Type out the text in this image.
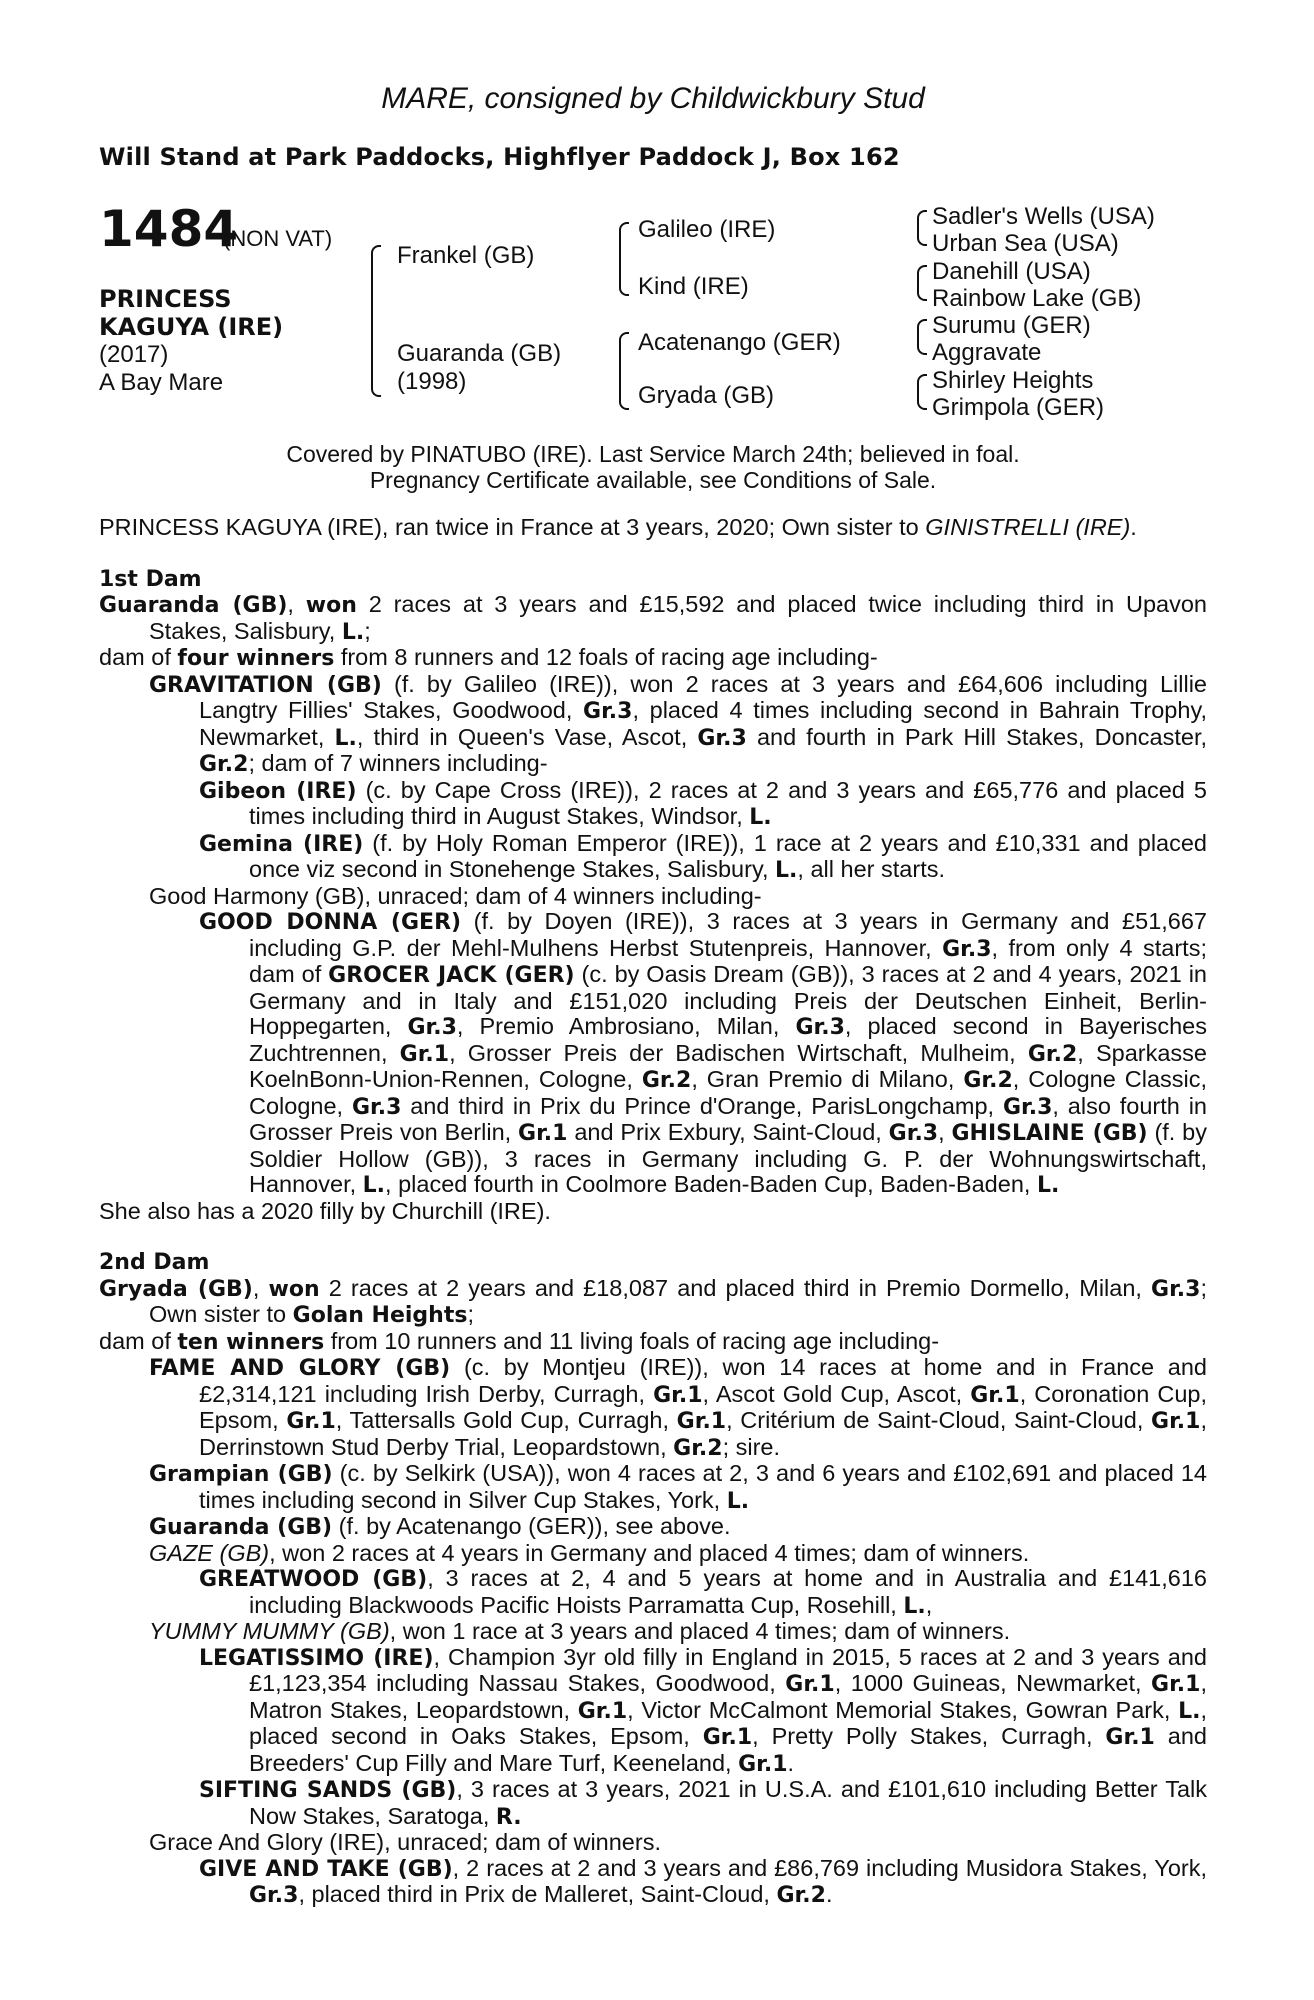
MARE, consigned by Childwickbury Stud
Will Stand at Park Paddocks, Highflyer Paddock J, Box 162
1484
(NON VAT)
PRINCESS
KAGUYA (IRE)
(2017)
A Bay Mare
Frankel (GB)
Guaranda (GB)
(1998)
Galileo (IRE)
Kind (IRE)
Acatenango (GER)
Gryada (GB)
Sadler's Wells (USA)
Urban Sea (USA)
Danehill (USA)
Rainbow Lake (GB)
Surumu (GER)
Aggravate
Shirley Heights
Grimpola (GER)
Covered by PINATUBO (IRE). Last Service March 24th; believed in foal.
Pregnancy Certificate available, see Conditions of Sale.

PRINCESS KAGUYA (IRE), ran twice in France at 3 years, 2020; Own sister to GINISTRELLI (IRE).

1st Dam

Guaranda (GB), won 2 races at 3 years and £15,592 and placed twice including third in Upavon Stakes, Salisbury, L.;

dam of four winners from 8 runners and 12 foals of racing age including-

GRAVITATION (GB) (f. by Galileo (IRE)), won 2 races at 3 years and £64,606 including Lillie Langtry Fillies' Stakes, Goodwood, Gr.3, placed 4 times including second in Bahrain Trophy, Newmarket, L., third in Queen's Vase, Ascot, Gr.3 and fourth in Park Hill Stakes, Doncaster, Gr.2; dam of 7 winners including-

Gibeon (IRE) (c. by Cape Cross (IRE)), 2 races at 2 and 3 years and £65,776 and placed 5 times including third in August Stakes, Windsor, L.

Gemina (IRE) (f. by Holy Roman Emperor (IRE)), 1 race at 2 years and £10,331 and placed once viz second in Stonehenge Stakes, Salisbury, L., all her starts.

Good Harmony (GB), unraced; dam of 4 winners including-

GOOD DONNA (GER) (f. by Doyen (IRE)), 3 races at 3 years in Germany and £51,667 including G.P. der Mehl-Mulhens Herbst Stutenpreis, Hannover, Gr.3, from only 4 starts; dam of GROCER JACK (GER) (c. by Oasis Dream (GB)), 3 races at 2 and 4 years, 2021 in Germany and in Italy and £151,020 including Preis der Deutschen Einheit, Berlin-Hoppegarten, Gr.3, Premio Ambrosiano, Milan, Gr.3, placed second in Bayerisches Zuchtrennen, Gr.1, Grosser Preis der Badischen Wirtschaft, Mulheim, Gr.2, Sparkasse KoelnBonn-Union-Rennen, Cologne, Gr.2, Gran Premio di Milano, Gr.2, Cologne Classic, Cologne, Gr.3 and third in Prix du Prince d'Orange, ParisLongchamp, Gr.3, also fourth in Grosser Preis von Berlin, Gr.1 and Prix Exbury, Saint-Cloud, Gr.3, GHISLAINE (GB) (f. by Soldier Hollow (GB)), 3 races in Germany including G. P. der Wohnungswirtschaft, Hannover, L., placed fourth in Coolmore Baden-Baden Cup, Baden-Baden, L.

She also has a 2020 filly by Churchill (IRE).

2nd Dam

Gryada (GB), won 2 races at 2 years and £18,087 and placed third in Premio Dormello, Milan, Gr.3; Own sister to Golan Heights;

dam of ten winners from 10 runners and 11 living foals of racing age including-

FAME AND GLORY (GB) (c. by Montjeu (IRE)), won 14 races at home and in France and £2,314,121 including Irish Derby, Curragh, Gr.1, Ascot Gold Cup, Ascot, Gr.1, Coronation Cup, Epsom, Gr.1, Tattersalls Gold Cup, Curragh, Gr.1, Critérium de Saint-Cloud, Saint-Cloud, Gr.1, Derrinstown Stud Derby Trial, Leopardstown, Gr.2; sire.

Grampian (GB) (c. by Selkirk (USA)), won 4 races at 2, 3 and 6 years and £102,691 and placed 14 times including second in Silver Cup Stakes, York, L.

Guaranda (GB) (f. by Acatenango (GER)), see above.

GAZE (GB), won 2 races at 4 years in Germany and placed 4 times; dam of winners.

GREATWOOD (GB), 3 races at 2, 4 and 5 years at home and in Australia and £141,616 including Blackwoods Pacific Hoists Parramatta Cup, Rosehill, L.,

YUMMY MUMMY (GB), won 1 race at 3 years and placed 4 times; dam of winners.

LEGATISSIMO (IRE), Champion 3yr old filly in England in 2015, 5 races at 2 and 3 years and £1,123,354 including Nassau Stakes, Goodwood, Gr.1, 1000 Guineas, Newmarket, Gr.1, Matron Stakes, Leopardstown, Gr.1, Victor McCalmont Memorial Stakes, Gowran Park, L., placed second in Oaks Stakes, Epsom, Gr.1, Pretty Polly Stakes, Curragh, Gr.1 and Breeders' Cup Filly and Mare Turf, Keeneland, Gr.1.

SIFTING SANDS (GB), 3 races at 3 years, 2021 in U.S.A. and £101,610 including Better Talk Now Stakes, Saratoga, R.

Grace And Glory (IRE), unraced; dam of winners.

GIVE AND TAKE (GB), 2 races at 2 and 3 years and £86,769 including Musidora Stakes, York, Gr.3, placed third in Prix de Malleret, Saint-Cloud, Gr.2.
